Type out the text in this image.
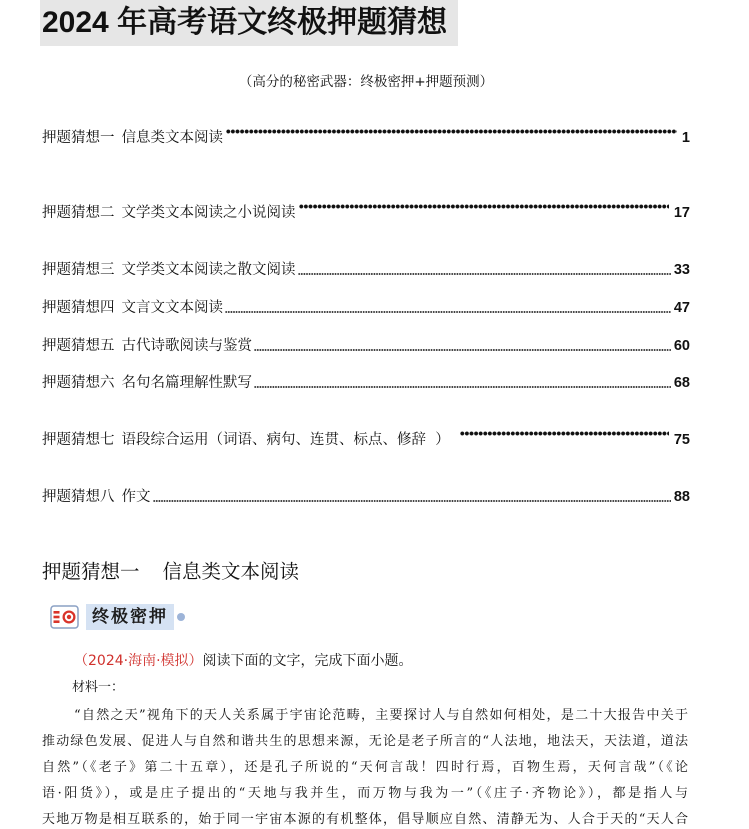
2024 年高考语文终极押题猜想
（高分的秘密武器：终极密押+押题预测）
押题猜想一 信息类文本阅读	1
押题猜想二 文学类文本阅读之小说阅读	17
押题猜想三 文学类文本阅读之散文阅读	33
押题猜想四 文言文文本阅读	47
押题猜想五 古代诗歌阅读与鉴赏	60
押题猜想六 名句名篇理解性默写	68
押题猜想七 语段综合运用（词语、病句、连贯、标点、修辞  ）	75
押题猜想八 作文	88
押题猜想一 信息类文本阅读
终极密押
（2024·海南·模拟）阅读下面的文字，完成下面小题。
材料一：
“自然之天”视角下的天人关系属于宇宙论范畴，主要探讨人与自然如何相处，是二十大报告中关于
推动绿色发展、促进人与自然和谐共生的思想来源，无论是老子所言的“人法地，地法天，天法道，道法
自然”（《老子》第二十五章），还是孔子所说的“天何言哉！四时行焉，百物生焉，天何言哉”（《论
语·阳货》），或是庄子提出的“天地与我并生，而万物与我为一”（《庄子·齐物论》），都是指人与
天地万物是相互联系的，始于同一宇宙本源的有机整体，倡导顺应自然、清静无为、人合于天的“天人合
